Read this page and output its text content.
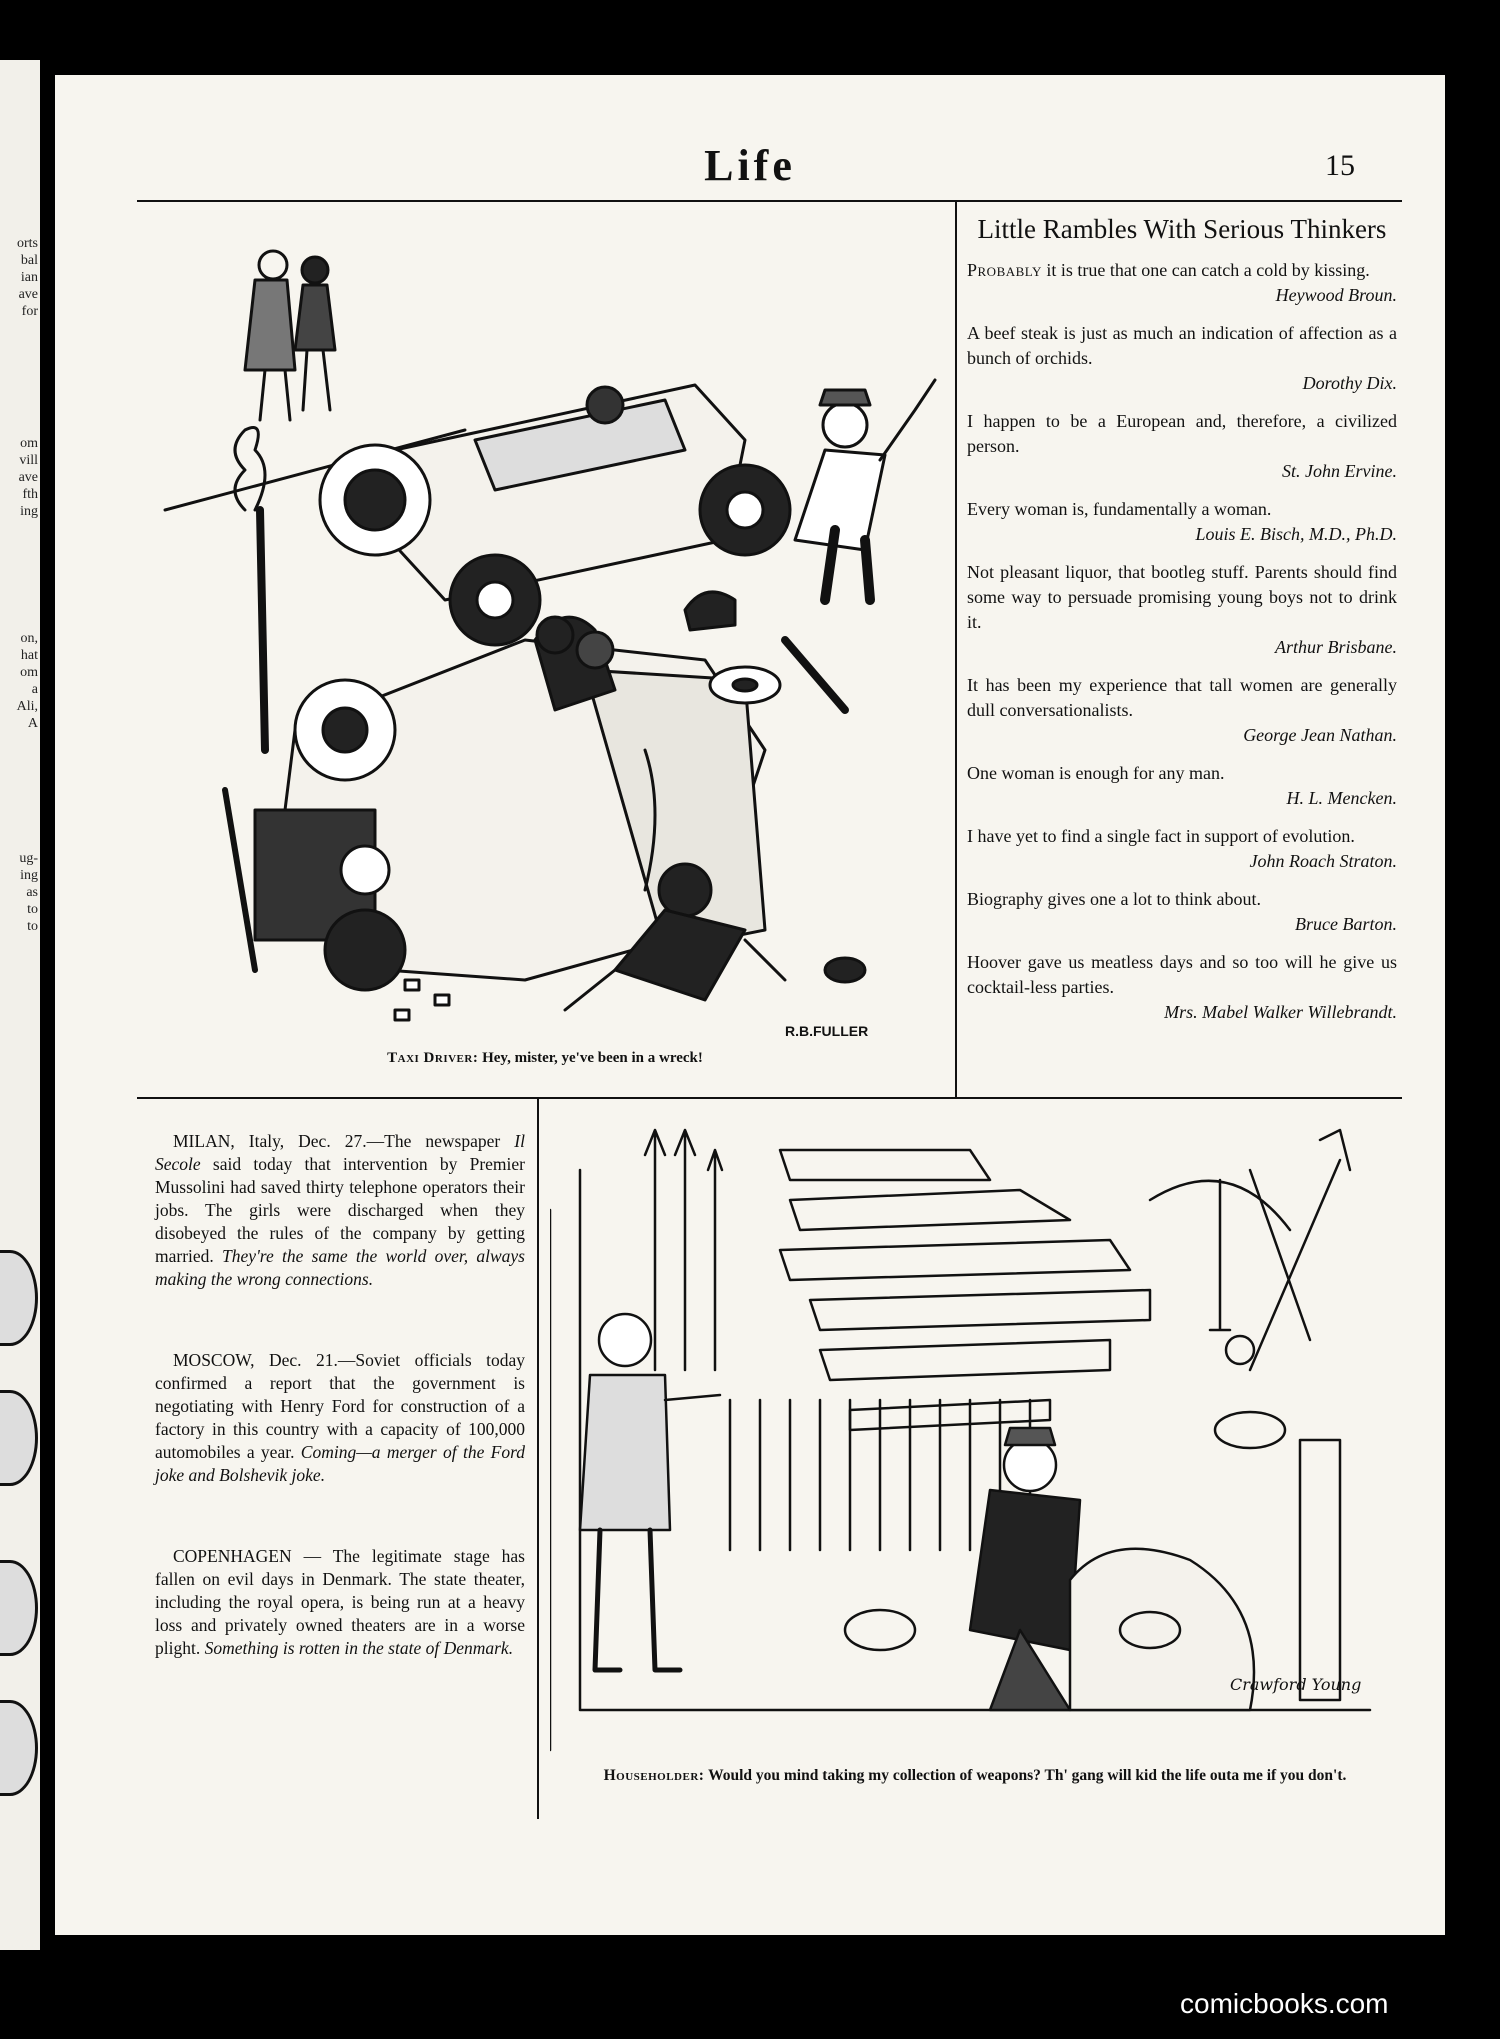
orts
bal
ian
ave
for
om
vill
ave
fth
ing
on,
hat
om
a
Ali,
A
ug-
ing
as
to
to
Life	15
R.B.FULLER
Taxi Driver: Hey, mister, ye've been in a wreck!
Little Rambles With Serious Thinkers
Probably it is true that one can catch a cold by kissing.
Heywood Broun.
A beef steak is just as much an indication of affection as a bunch of orchids.
Dorothy Dix.
I happen to be a European and, therefore, a civilized person.
St. John Ervine.
Every woman is, fundamentally a woman.
Louis E. Bisch, M.D., Ph.D.
Not pleasant liquor, that bootleg stuff. Parents should find some way to persuade promising young boys not to drink it.
Arthur Brisbane.
It has been my experience that tall women are generally dull conversationalists.
George Jean Nathan.
One woman is enough for any man.
H. L. Mencken.
I have yet to find a single fact in support of evolution.
John Roach Straton.
Biography gives one a lot to think about.
Bruce Barton.
Hoover gave us meatless days and so too will he give us cocktail-less parties.
Mrs. Mabel Walker Willebrandt.

MILAN, Italy, Dec. 27.—The newspaper Il Secole said today that intervention by Premier Mussolini had saved thirty telephone operators their jobs. The girls were discharged when they disobeyed the rules of the company by getting married. They're the same the world over, always making the wrong connections.

MOSCOW, Dec. 21.—Soviet officials today confirmed a report that the government is negotiating with Henry Ford for construction of a factory in this country with a capacity of 100,000 automobiles a year. Coming—a merger of the Ford joke and Bolshevik joke.

COPENHAGEN — The legitimate stage has fallen on evil days in Denmark. The state theater, including the royal opera, is being run at a heavy loss and privately owned theaters are in a worse plight. Something is rotten in the state of Denmark.

Crawford Young
Householder: Would you mind taking my collection of weapons? Th' gang will kid the life outa me if you don't.
comicbooks.com
